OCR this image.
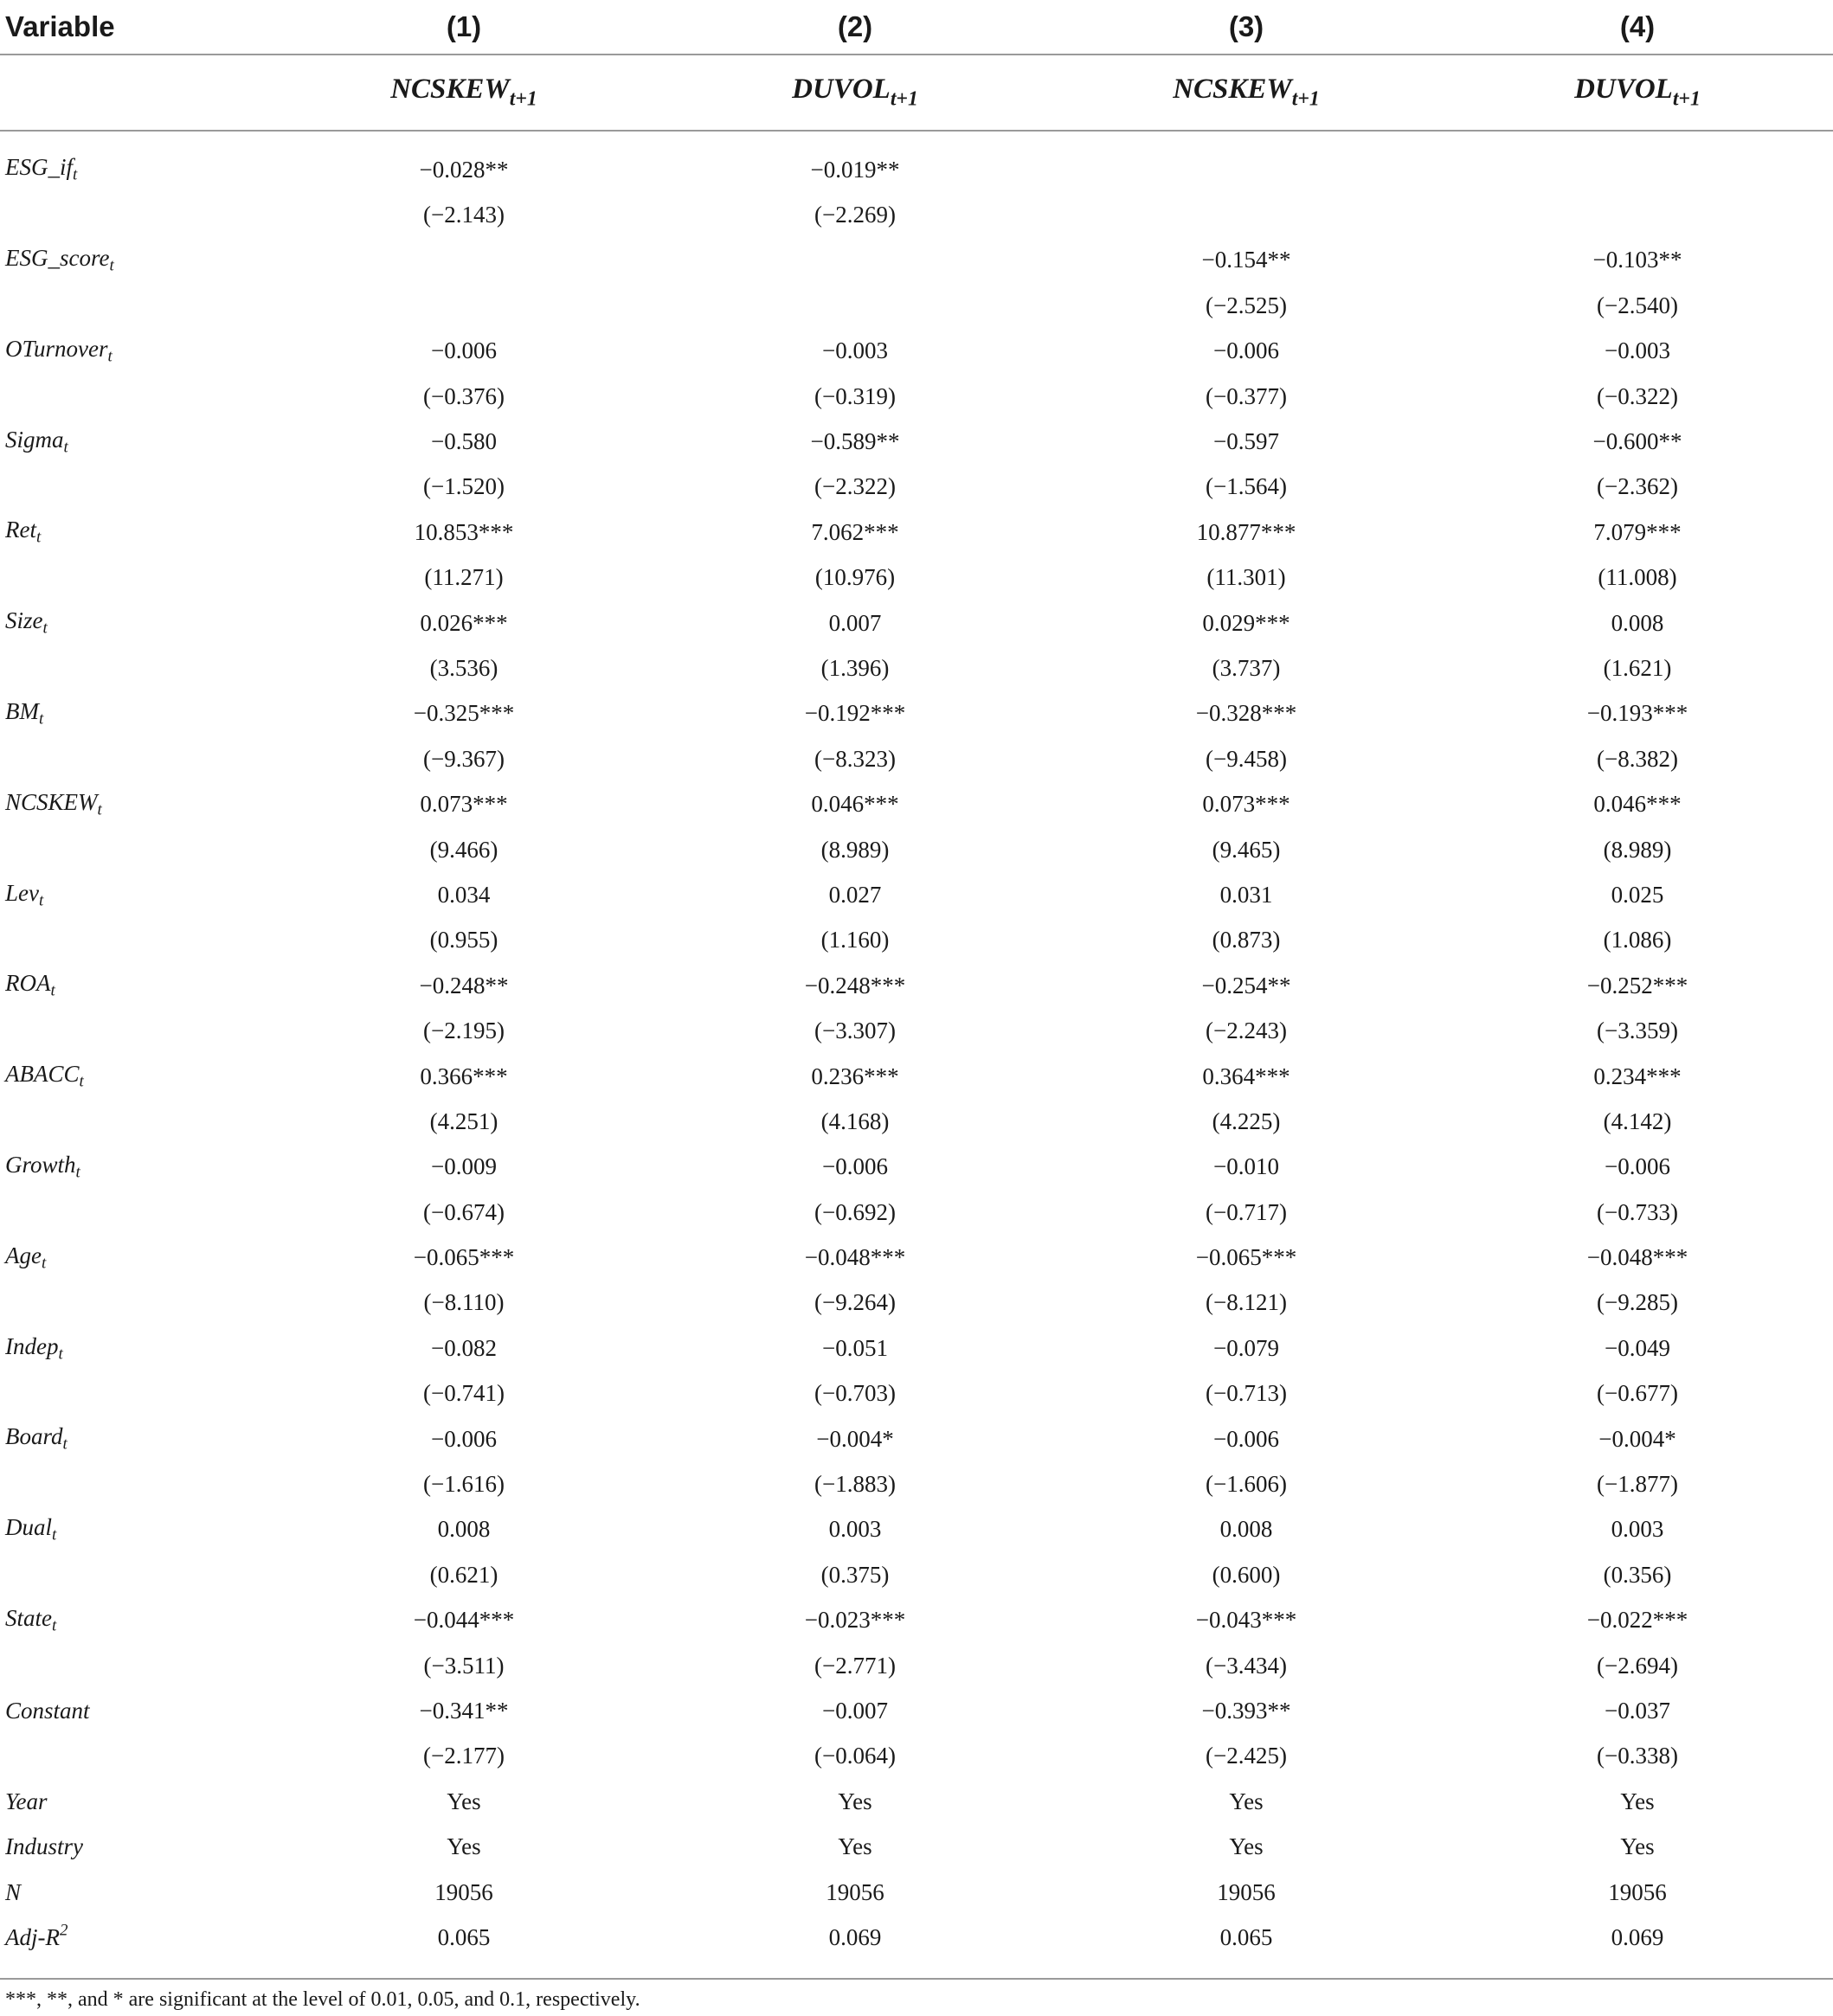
Variable	(1)	(2)	(3)	(4)
	$NCSKEW_{t+1}$	$DUVOL_{t+1}$	$NCSKEW_{t+1}$	$DUVOL_{t+1}$

$ESG\_if_t$	−0.028**	−0.019**		
	(−2.143)	(−2.269)		
ESG_score$_t$			−0.154**	−0.103**
			(−2.525)	(−2.540)
OTurnover$_t$	−0.006	−0.003	−0.006	−0.003
	(−0.376)	(−0.319)	(−0.377)	(−0.322)
Sigma$_t$	−0.580	−0.589**	−0.597	−0.600**
	(−1.520)	(−2.322)	(−1.564)	(−2.362)
Ret$_t$	10.853***	7.062***	10.877***	7.079***
	(11.271)	(10.976)	(11.301)	(11.008)
Size$_t$	0.026***	0.007	0.029***	0.008
	(3.536)	(1.396)	(3.737)	(1.621)
$BM_t$	−0.325***	−0.192***	−0.328***	−0.193***
	(−9.367)	(−8.323)	(−9.458)	(−8.382)
$NCSKEW_t$	0.073***	0.046***	0.073***	0.046***
	(9.466)	(8.989)	(9.465)	(8.989)
Lev$_t$	0.034	0.027	0.031	0.025
	(0.955)	(1.160)	(0.873)	(1.086)
$ROA_t$	−0.248**	−0.248***	−0.254**	−0.252***
	(−2.195)	(−3.307)	(−2.243)	(−3.359)
$ABACC_t$	0.366***	0.236***	0.364***	0.234***
	(4.251)	(4.168)	(4.225)	(4.142)
Growth$_t$	−0.009	−0.006	−0.010	−0.006
	(−0.674)	(−0.692)	(−0.717)	(−0.733)
Age$_t$	−0.065***	−0.048***	−0.065***	−0.048***
	(−8.110)	(−9.264)	(−8.121)	(−9.285)
Indep$_t$	−0.082	−0.051	−0.079	−0.049
	(−0.741)	(−0.703)	(−0.713)	(−0.677)
Board$_t$	−0.006	−0.004*	−0.006	−0.004*
	(−1.616)	(−1.883)	(−1.606)	(−1.877)
Dual$_t$	0.008	0.003	0.008	0.003
	(0.621)	(0.375)	(0.600)	(0.356)
State$_t$	−0.044***	−0.023***	−0.043***	−0.022***
	(−3.511)	(−2.771)	(−3.434)	(−2.694)
Constant	−0.341**	−0.007	−0.393**	−0.037
	(−2.177)	(−0.064)	(−2.425)	(−0.338)
Year	Yes	Yes	Yes	Yes
Industry	Yes	Yes	Yes	Yes
N	19056	19056	19056	19056
Adj-$R^2$	0.065	0.069	0.065	0.069

***, **, and * are significant at the level of 0.01, 0.05, and 0.1, respectively.
